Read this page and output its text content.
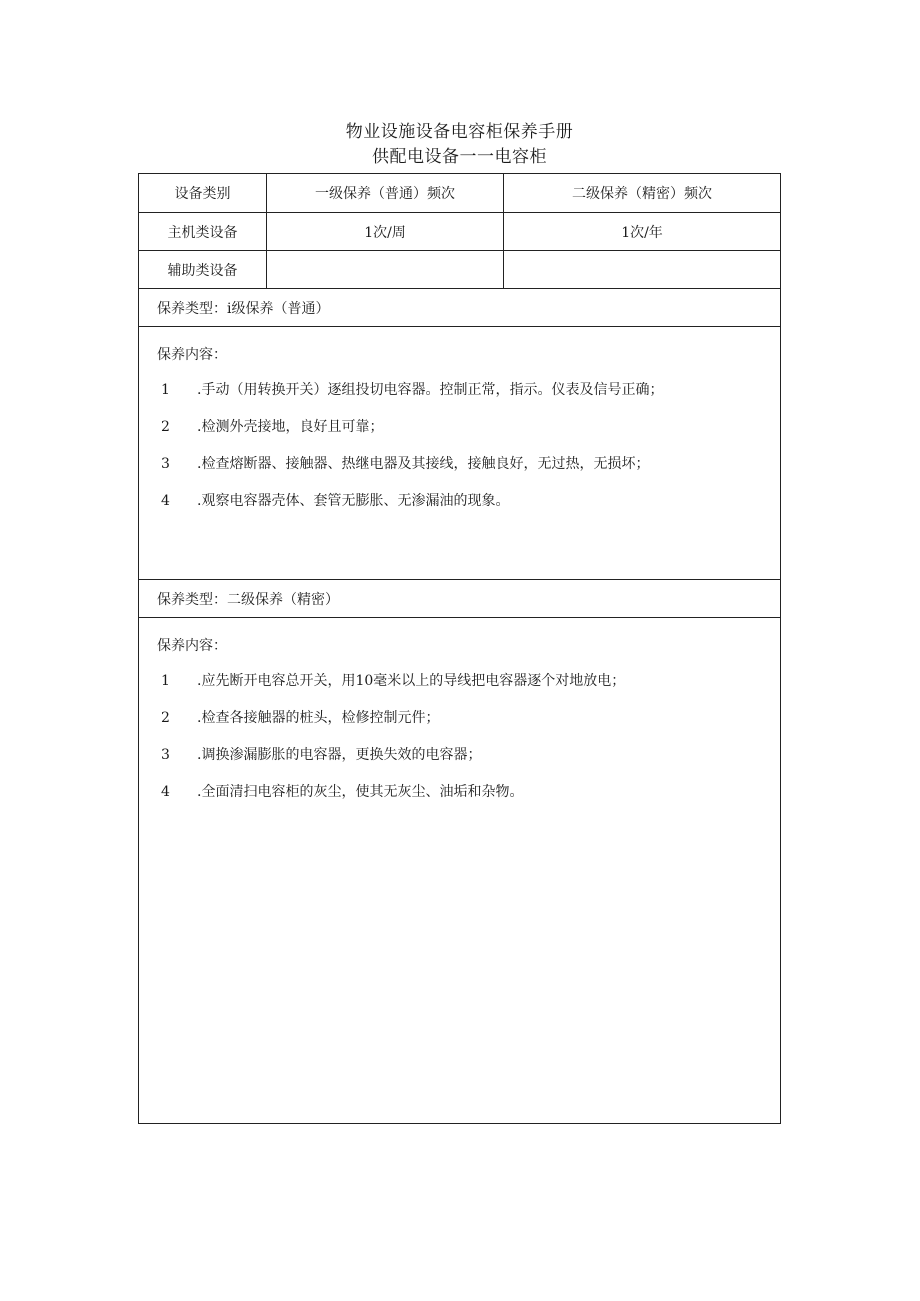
物业设施设备电容柜保养手册
供配电设备一一电容柜
设备类别	一级保养（普通）频次	二级保养（精密）频次
主机类设备	1次/周	1次/年
辅助类设备
保养类型：i级保养（普通）
保养内容：
1	.手动（用转换开关）逐组投切电容器。控制正常，指示。仪表及信号正确；
2	.检测外壳接地，良好且可靠；
3	.检查熔断器、接触器、热继电器及其接线，接触良好，无过热，无损坏；
4	.观察电容器壳体、套管无膨胀、无渗漏油的现象。
保养类型：二级保养（精密）
保养内容：
1	.应先断开电容总开关，用10毫米以上的导线把电容器逐个对地放电；
2	.检查各接触器的桩头，检修控制元件；
3	.调换渗漏膨胀的电容器，更换失效的电容器；
4	.全面清扫电容柜的灰尘，使其无灰尘、油垢和杂物。
